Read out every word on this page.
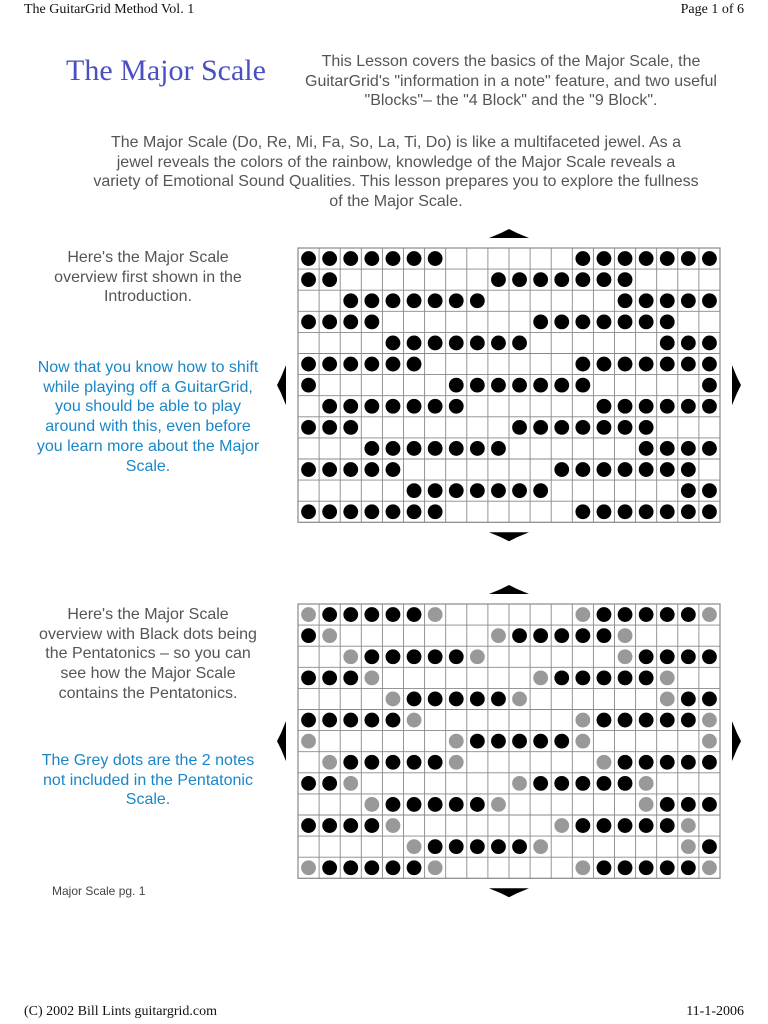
The GuitarGrid Method Vol. 1	Page 1 of 6
The Major Scale	This Lesson covers the basics of the Major Scale, the GuitarGrid's "information in a note" feature, and two useful "Blocks"– the "4 Block" and the "9 Block".
The Major Scale (Do, Re, Mi, Fa, So, La, Ti, Do) is like a multifaceted jewel. As a jewel reveals the colors of the rainbow, knowledge of the Major Scale reveals a variety of Emotional Sound Qualities. This lesson prepares you to explore the fullness of the Major Scale.
Here's the Major Scale overview first shown in the Introduction.
Now that you know how to shift while playing off a GuitarGrid, you should be able to play around with this, even before you learn more about the Major Scale.
Here's the Major Scale overview with Black dots being the Pentatonics – so you can see how the Major Scale contains the Pentatonics.
The Grey dots are the 2 notes not included in the Pentatonic Scale.
Major Scale pg. 1
(C) 2002 Bill Lints guitargrid.com	11-1-2006
